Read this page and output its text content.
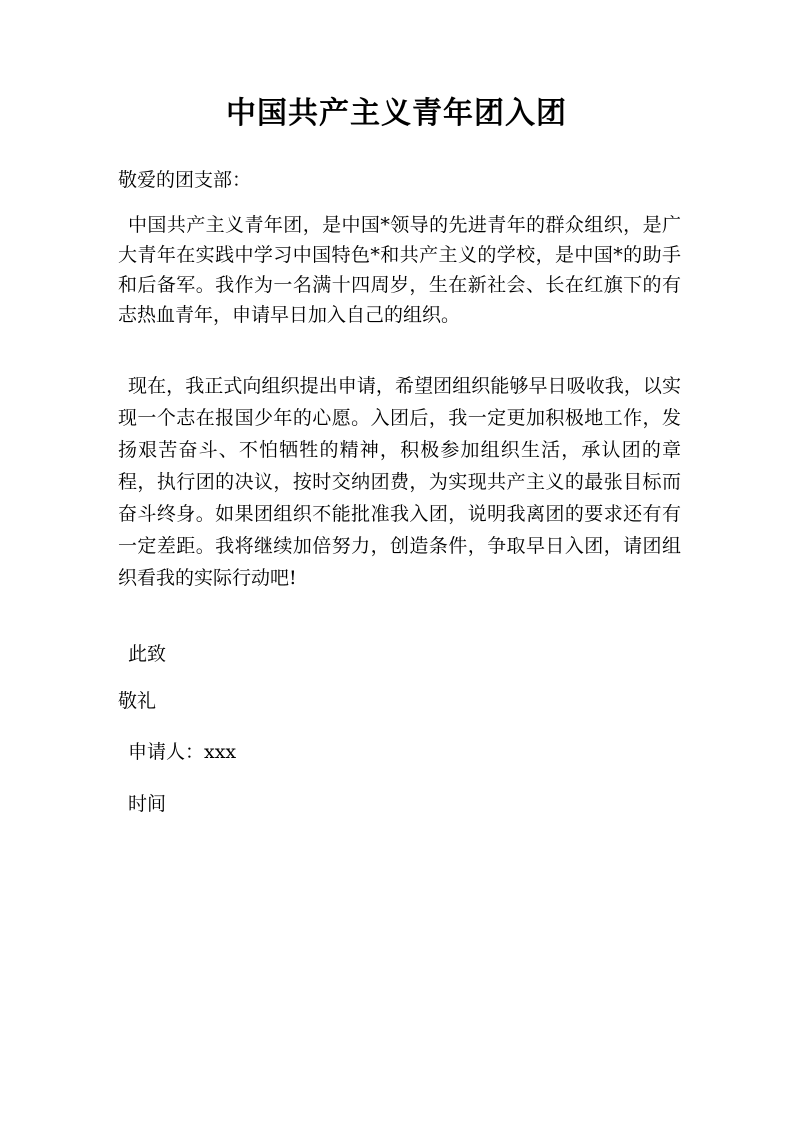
中国共产主义青年团入团
敬爱的团支部：

中国共产主义青年团，是中国*领导的先进青年的群众组织，是广大青年在实践中学习中国特色*和共产主义的学校，是中国*的助手和后备军。我作为一名满十四周岁，生在新社会、长在红旗下的有志热血青年，申请早日加入自己的组织。

现在，我正式向组织提出申请，希望团组织能够早日吸收我，以实现一个志在报国少年的心愿。入团后，我一定更加积极地工作，发扬艰苦奋斗、不怕牺牲的精神，积极参加组织生活，承认团的章程，执行团的决议，按时交纳团费，为实现共产主义的最张目标而奋斗终身。如果团组织不能批准我入团，说明我离团的要求还有有一定差距。我将继续加倍努力，创造条件，争取早日入团，请团组织看我的实际行动吧!

此致
敬礼
申请人：xxx
时间
